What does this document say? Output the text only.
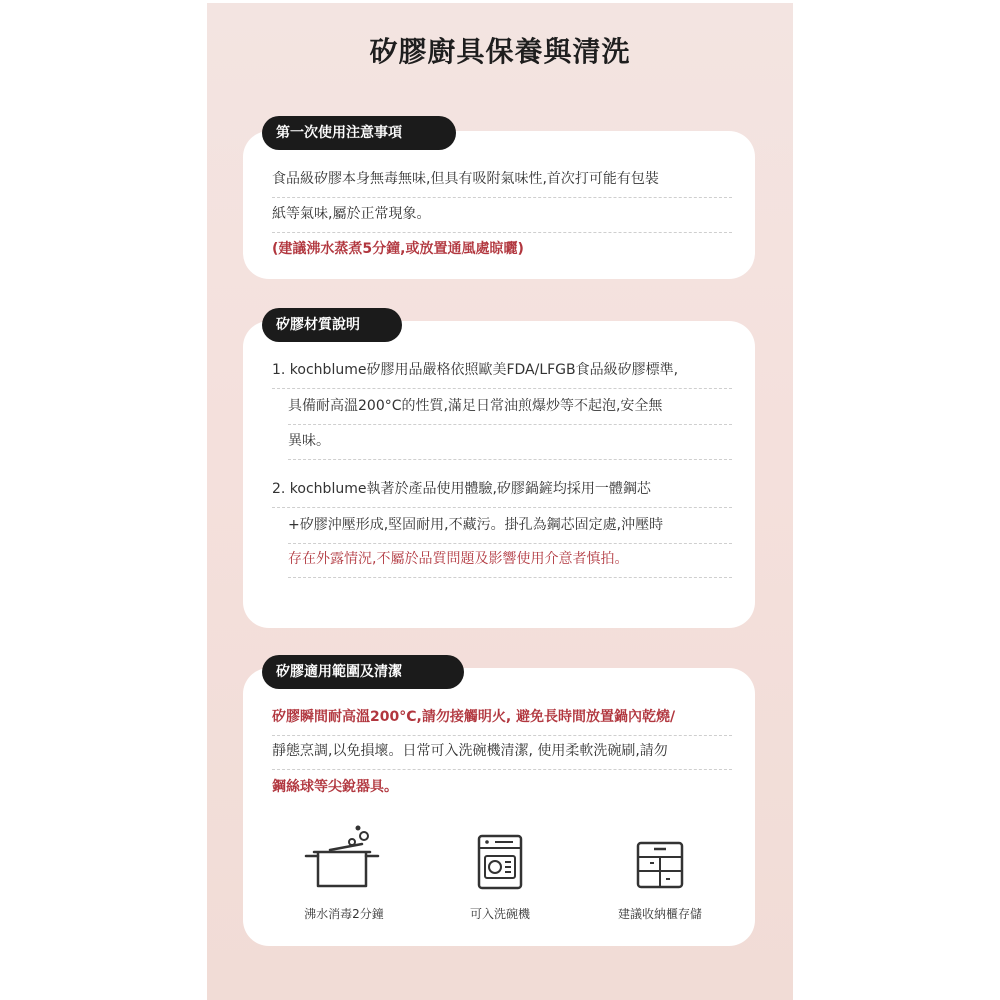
矽膠廚具保養與清洗
第一次使用注意事項
食品級矽膠本身無毒無味,但具有吸附氣味性,首次打可能有包裝
紙等氣味,屬於正常現象。
(建議沸水蒸煮5分鐘,或放置通風處晾曬)
矽膠材質說明
1. kochblume矽膠用品嚴格依照歐美FDA/LFGB食品級矽膠標準,
具備耐高溫200°C的性質,滿足日常油煎爆炒等不起泡,安全無
異味。
2. kochblume執著於產品使用體驗,矽膠鍋鏟均採用一體鋼芯
+矽膠沖壓形成,堅固耐用,不藏污。掛孔為鋼芯固定處,沖壓時
存在外露情況,不屬於品質問題及影響使用介意者慎拍。
矽膠適用範圍及清潔
矽膠瞬間耐高溫200°C,請勿接觸明火, 避免長時間放置鍋內乾燒/
靜態烹調,以免損壞。日常可入洗碗機清潔, 使用柔軟洗碗刷,請勿
鋼絲球等尖銳器具。
沸水消毒2分鐘	可入洗碗機	建議收納櫃存儲
